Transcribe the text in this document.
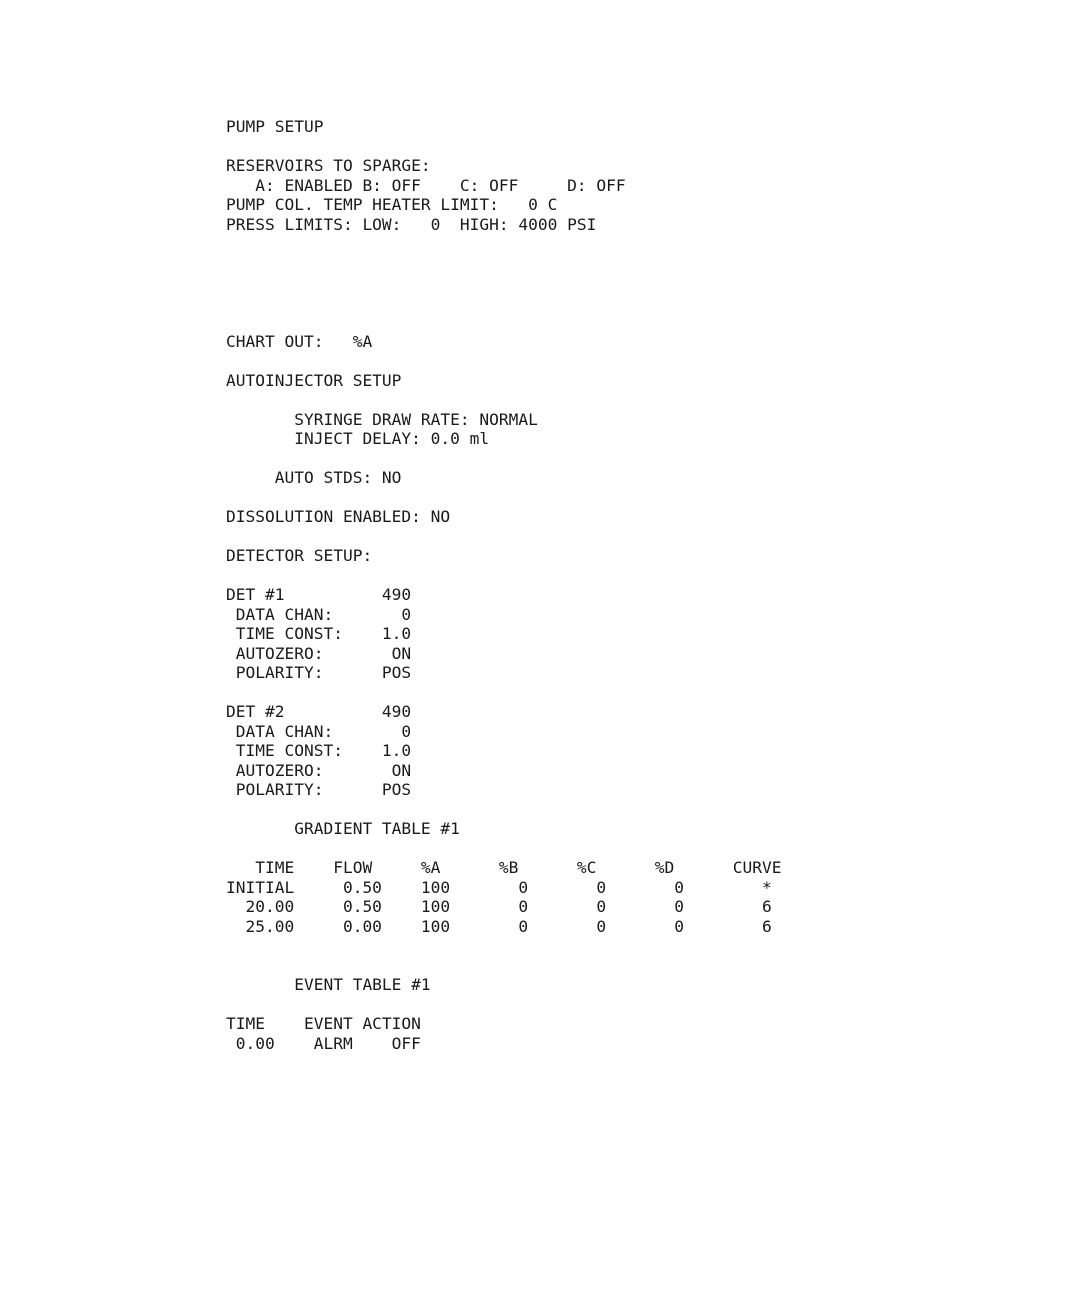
PUMP SETUP
RESERVOIRS TO SPARGE:
A: ENABLED B: OFF    C: OFF     D: OFF
PUMP COL. TEMP HEATER LIMIT:   0 C
PRESS LIMITS: LOW:   0  HIGH: 4000 PSI
CHART OUT:   %A
AUTOINJECTOR SETUP
SYRINGE DRAW RATE: NORMAL
INJECT DELAY: 0.0 ml
AUTO STDS: NO
DISSOLUTION ENABLED: NO
DETECTOR SETUP:
DET #1          490
DATA CHAN:       0
TIME CONST:    1.0
AUTOZERO:       ON
POLARITY:      POS
DET #2          490
DATA CHAN:       0
TIME CONST:    1.0
AUTOZERO:       ON
POLARITY:      POS
GRADIENT TABLE #1
TIME    FLOW     %A      %B      %C      %D      CURVE
INITIAL     0.50    100       0       0       0        *
20.00     0.50    100       0       0       0        6
25.00     0.00    100       0       0       0        6
EVENT TABLE #1
TIME    EVENT ACTION
0.00    ALRM    OFF
